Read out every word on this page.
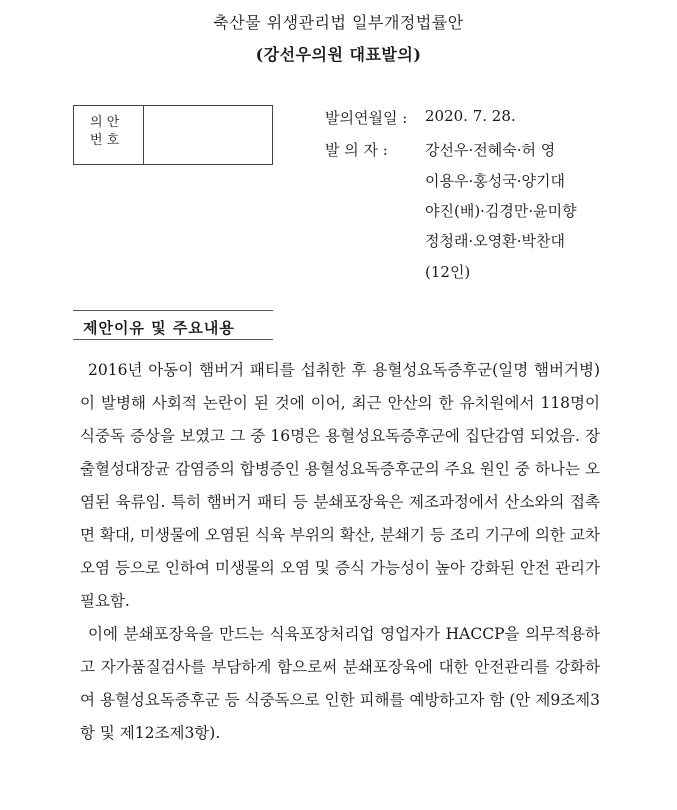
축산물 위생관리법 일부개정법률안
(강선우의원 대표발의)
의 안
번 호
발의연월일 : 2020. 7. 28.
발 의 자 : 강선우·전혜숙·허 영
이용우·홍성국·양기대
야진(배)·김경만·윤미향
정청래·오영환·박찬대
(12인)
제안이유 및 주요내용

2016년 아동이 햄버거 패티를 섭취한 후 용혈성요독증후군(일명 햄버거병)이 발병해 사회적 논란이 된 것에 이어, 최근 안산의 한 유치원에서 118명이 식중독 증상을 보였고 그 중 16명은 용혈성요독증후군에 집단감염 되었음. 장출혈성대장균 감염증의 합병증인 용혈성요독증후군의 주요 원인 중 하나는 오염된 육류임. 특히 햄버거 패티 등 분쇄포장육은 제조과정에서 산소와의 접촉면 확대, 미생물에 오염된 식육 부위의 확산, 분쇄기 등 조리 기구에 의한 교차오염 등으로 인하여 미생물의 오염 및 증식 가능성이 높아 강화된 안전 관리가 필요함.

이에 분쇄포장육을 만드는 식육포장처리업 영업자가 HACCP을 의무적용하고 자가품질검사를 부담하게 함으로써 분쇄포장육에 대한 안전관리를 강화하여 용혈성요독증후군 등 식중독으로 인한 피해를 예방하고자 함 (안 제9조제3항 및 제12조제3항).
